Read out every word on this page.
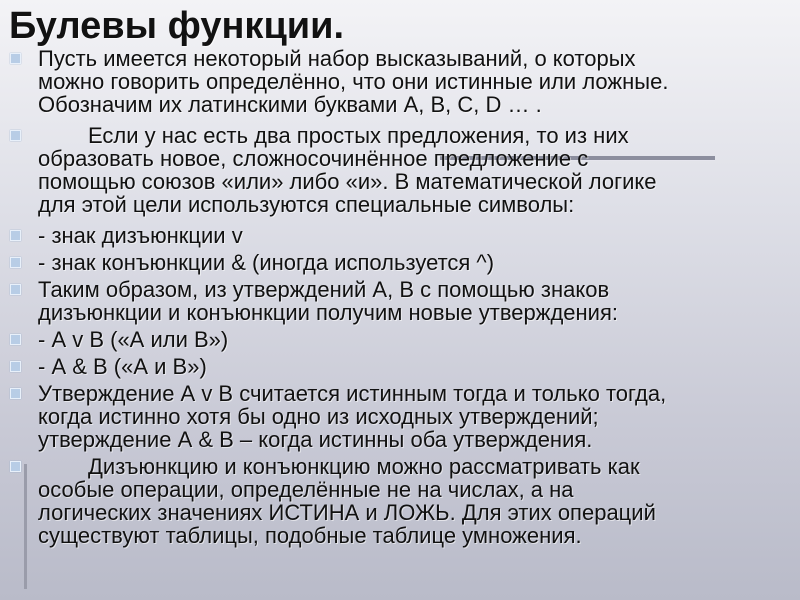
Булевы функции.
Пусть имеется некоторый набор высказываний, о которых
можно говорить определённо, что они истинные или ложные.
Обозначим их латинскими буквами А, В, С, D … .
Если у нас есть два простых предложения, то из них
образовать новое, сложносочинённое предложение с
помощью союзов «или» либо «и». В математической логике
для этой цели используются специальные символы:
- знак дизъюнкции v
- знак конъюнкции & (иногда используется ^)
Таким образом, из утверждений А, В с помощью знаков
дизъюнкции и конъюнкции получим новые утверждения:
- А v В («А или В»)
- А & В («А и В»)
Утверждение А v В считается истинным тогда и только тогда,
когда истинно хотя бы одно из исходных утверждений;
утверждение А & В – когда истинны оба утверждения.
Дизъюнкцию и конъюнкцию можно рассматривать как
особые операции, определённые не на числах, а на
логических значениях ИСТИНА и ЛОЖЬ. Для этих операций
существуют таблицы, подобные таблице умножения.
